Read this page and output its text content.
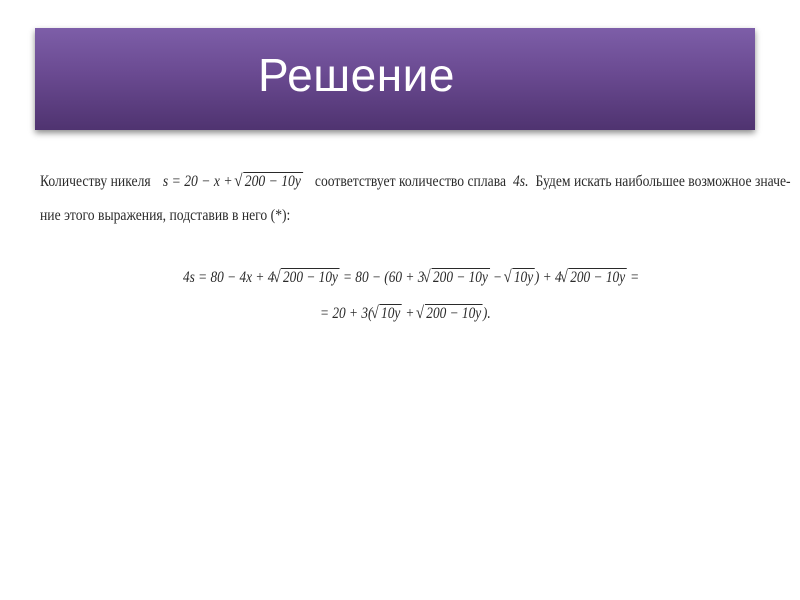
Решение
Количеству никеля s = 20 − x + √ 200 − 10y соответствует количество сплава 4s. Будем искать наибольшее возможное значе-
ние этого выражения, подставив в него (*):
4s = 80 − 4x + 4 √ 200 − 10y = 80 − (60 + 3 √ 200 − 10y − √ 10y ) + 4 √ 200 − 10y =
= 20 + 3( √ 10y + √ 200 − 10y ).
